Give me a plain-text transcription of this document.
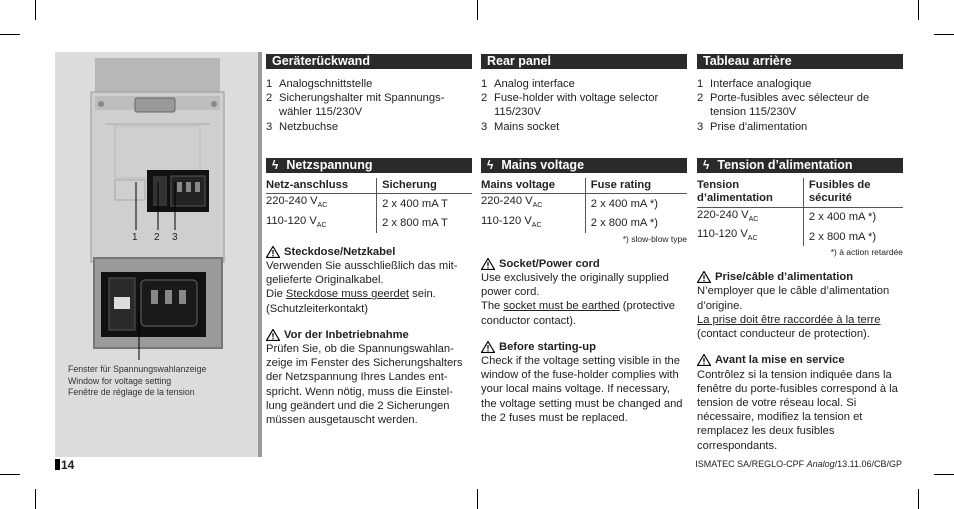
1 2 3
Fenster für Spannungswahlanzeige
Window for voltage setting
Fenêtre de réglage de la tension
Geräterückwand
1 Analogschnittstelle
2 Sicherungshalter mit Spannungs-wähler 115/230V
3 Netzbuchse
ϟ Netzspannung
Netz-anschluss	Sicherung
220-240 $V_{AC}$	2 x 400 mA T
110-120 $V_{AC}$	2 x 800 mA T
Steckdose/Netzkabel

Verwenden Sie ausschließlich das mit-gelieferte Originalkabel.

Die Steckdose muss geerdet sein. (Schutzleiterkontakt)

Vor der Inbetriebnahme

Prüfen Sie, ob die Spannungswahlan-zeige im Fenster des Sicherungshalters der Netzspannung Ihres Landes ent-spricht. Wenn nötig, muss die Einstel-lung geändert und die 2 Sicherungen müssen ausgetauscht werden.

Rear panel
1 Analog interface
2 Fuse-holder with voltage selector 115/230V
3 Mains socket
ϟ Mains voltage
Mains voltage	Fuse rating
220-240 $V_{AC}$	2 x 400 mA *)
110-120 $V_{AC}$	2 x 800 mA *)
*) slow-blow type
Socket/Power cord

Use exclusively the originally supplied power cord.

The socket must be earthed (protective conductor contact).

Before starting-up

Check if the voltage setting visible in the window of the fuse-holder complies with your local mains voltage. If necessary, the voltage setting must be changed and the 2 fuses must be replaced.

Tableau arrière
1 Interface analogique
2 Porte-fusibles avec sélecteur de tension 115/230V
3 Prise d'alimentation
ϟ Tension d’alimentation
Tension d’alimentation	Fusibles de sécurité
220-240 $V_{AC}$	2 x 400 mA *)
110-120 $V_{AC}$	2 x 800 mA *)
*) à action retardée
Prise/câble d’alimentation

N’employer que le câble d’alimentation d’origine.

La prise doit être raccordée à la terre (contact conducteur de protection).

Avant la mise en service

Contrôlez si la tension indiquée dans la fenêtre du porte-fusibles correspond à la tension de votre réseau local. Si nécessaire, modifiez la tension et remplacez les deux fusibles correspondants.

14	ISMATEC SA/REGLO-CPF Analog/13.11.06/CB/GP
